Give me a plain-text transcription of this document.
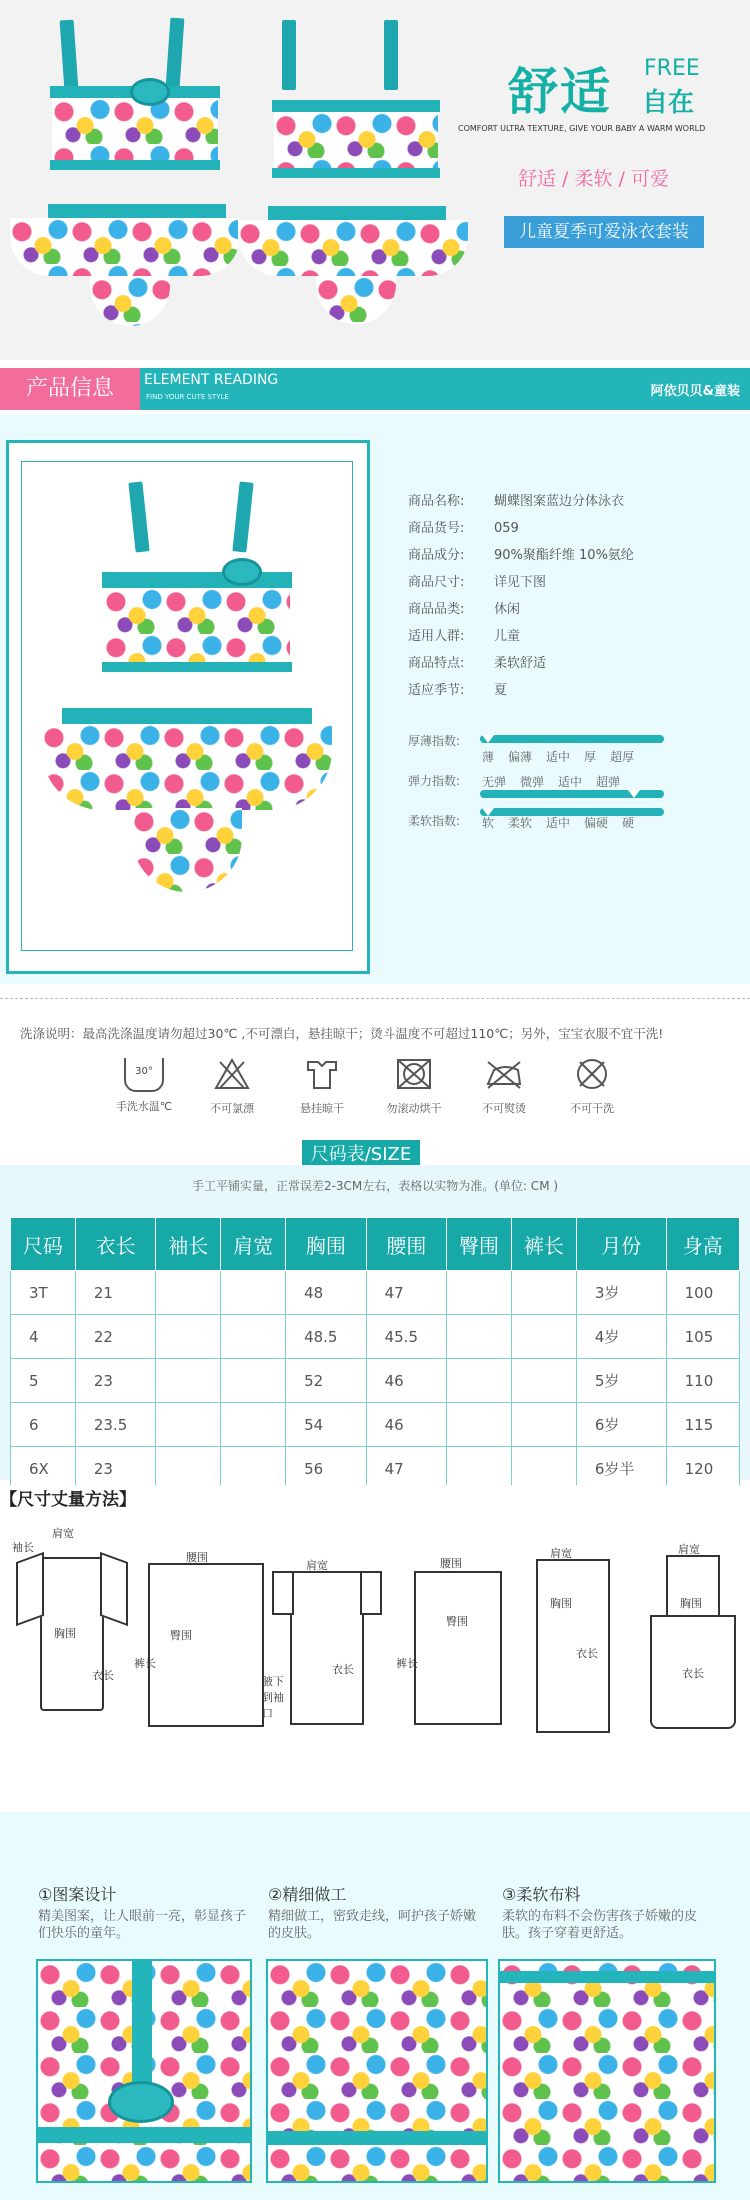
舒适 FREE
自在
COMFORT ULTRA TEXTURE, GIVE YOUR BABY A WARM WORLD
舒适 / 柔软 / 可爱
儿童夏季可爱泳衣套装
产品信息	ELEMENT READING
FIND YOUR CUTE STYLE	阿依贝贝&童装
商品名称: 蝴蝶图案蓝边分体泳衣
商品货号: 059
商品成分: 90%聚酯纤维 10%氨纶
商品尺寸: 详见下图
商品品类: 休闲
适用人群: 儿童
商品特点: 柔软舒适
适应季节: 夏
厚薄指数:
薄 偏薄 适中 厚 超厚
弹力指数: 无弹 微弹 适中 超弹
柔软指数: 软 柔软 适中 偏硬 硬
洗涤说明：最高洗涤温度请勿超过30℃ ,不可漂白，悬挂晾干；烫斗温度不可超过110℃；另外，宝宝衣服不宜干洗!
30°
手洗水温℃	不可氯漂	悬挂晾干	勿滚动烘干	不可熨烫	不可干洗
尺码表/SIZE
手工平铺实量，正常误差2-3CM左右，表格以实物为准。(单位: CM )
尺码	衣长	袖长	肩宽	胸围	腰围	臀围	裤长	月份	身高
3T	21			48	47			3岁	100
4	22			48.5	45.5			4岁	105
5	23			52	46			5岁	110
6	23.5			54	46			6岁	115
6X	23			56	47			6岁半	120
【尺寸丈量方法】
肩宽
袖长
胸围
衣长
腰围
臀围
裤长
肩宽
腋下到袖口
衣长
腰围
臀围
裤长
肩宽
胸围
衣长
肩宽
胸围
衣长
①图案设计
精美图案，让人眼前一亮，彰显孩子们快乐的童年。
②精细做工
精细做工，密致走线，呵护孩子娇嫩的皮肤。
③柔软布料
柔软的布料不会伤害孩子娇嫩的皮肤。孩子穿着更舒适。
